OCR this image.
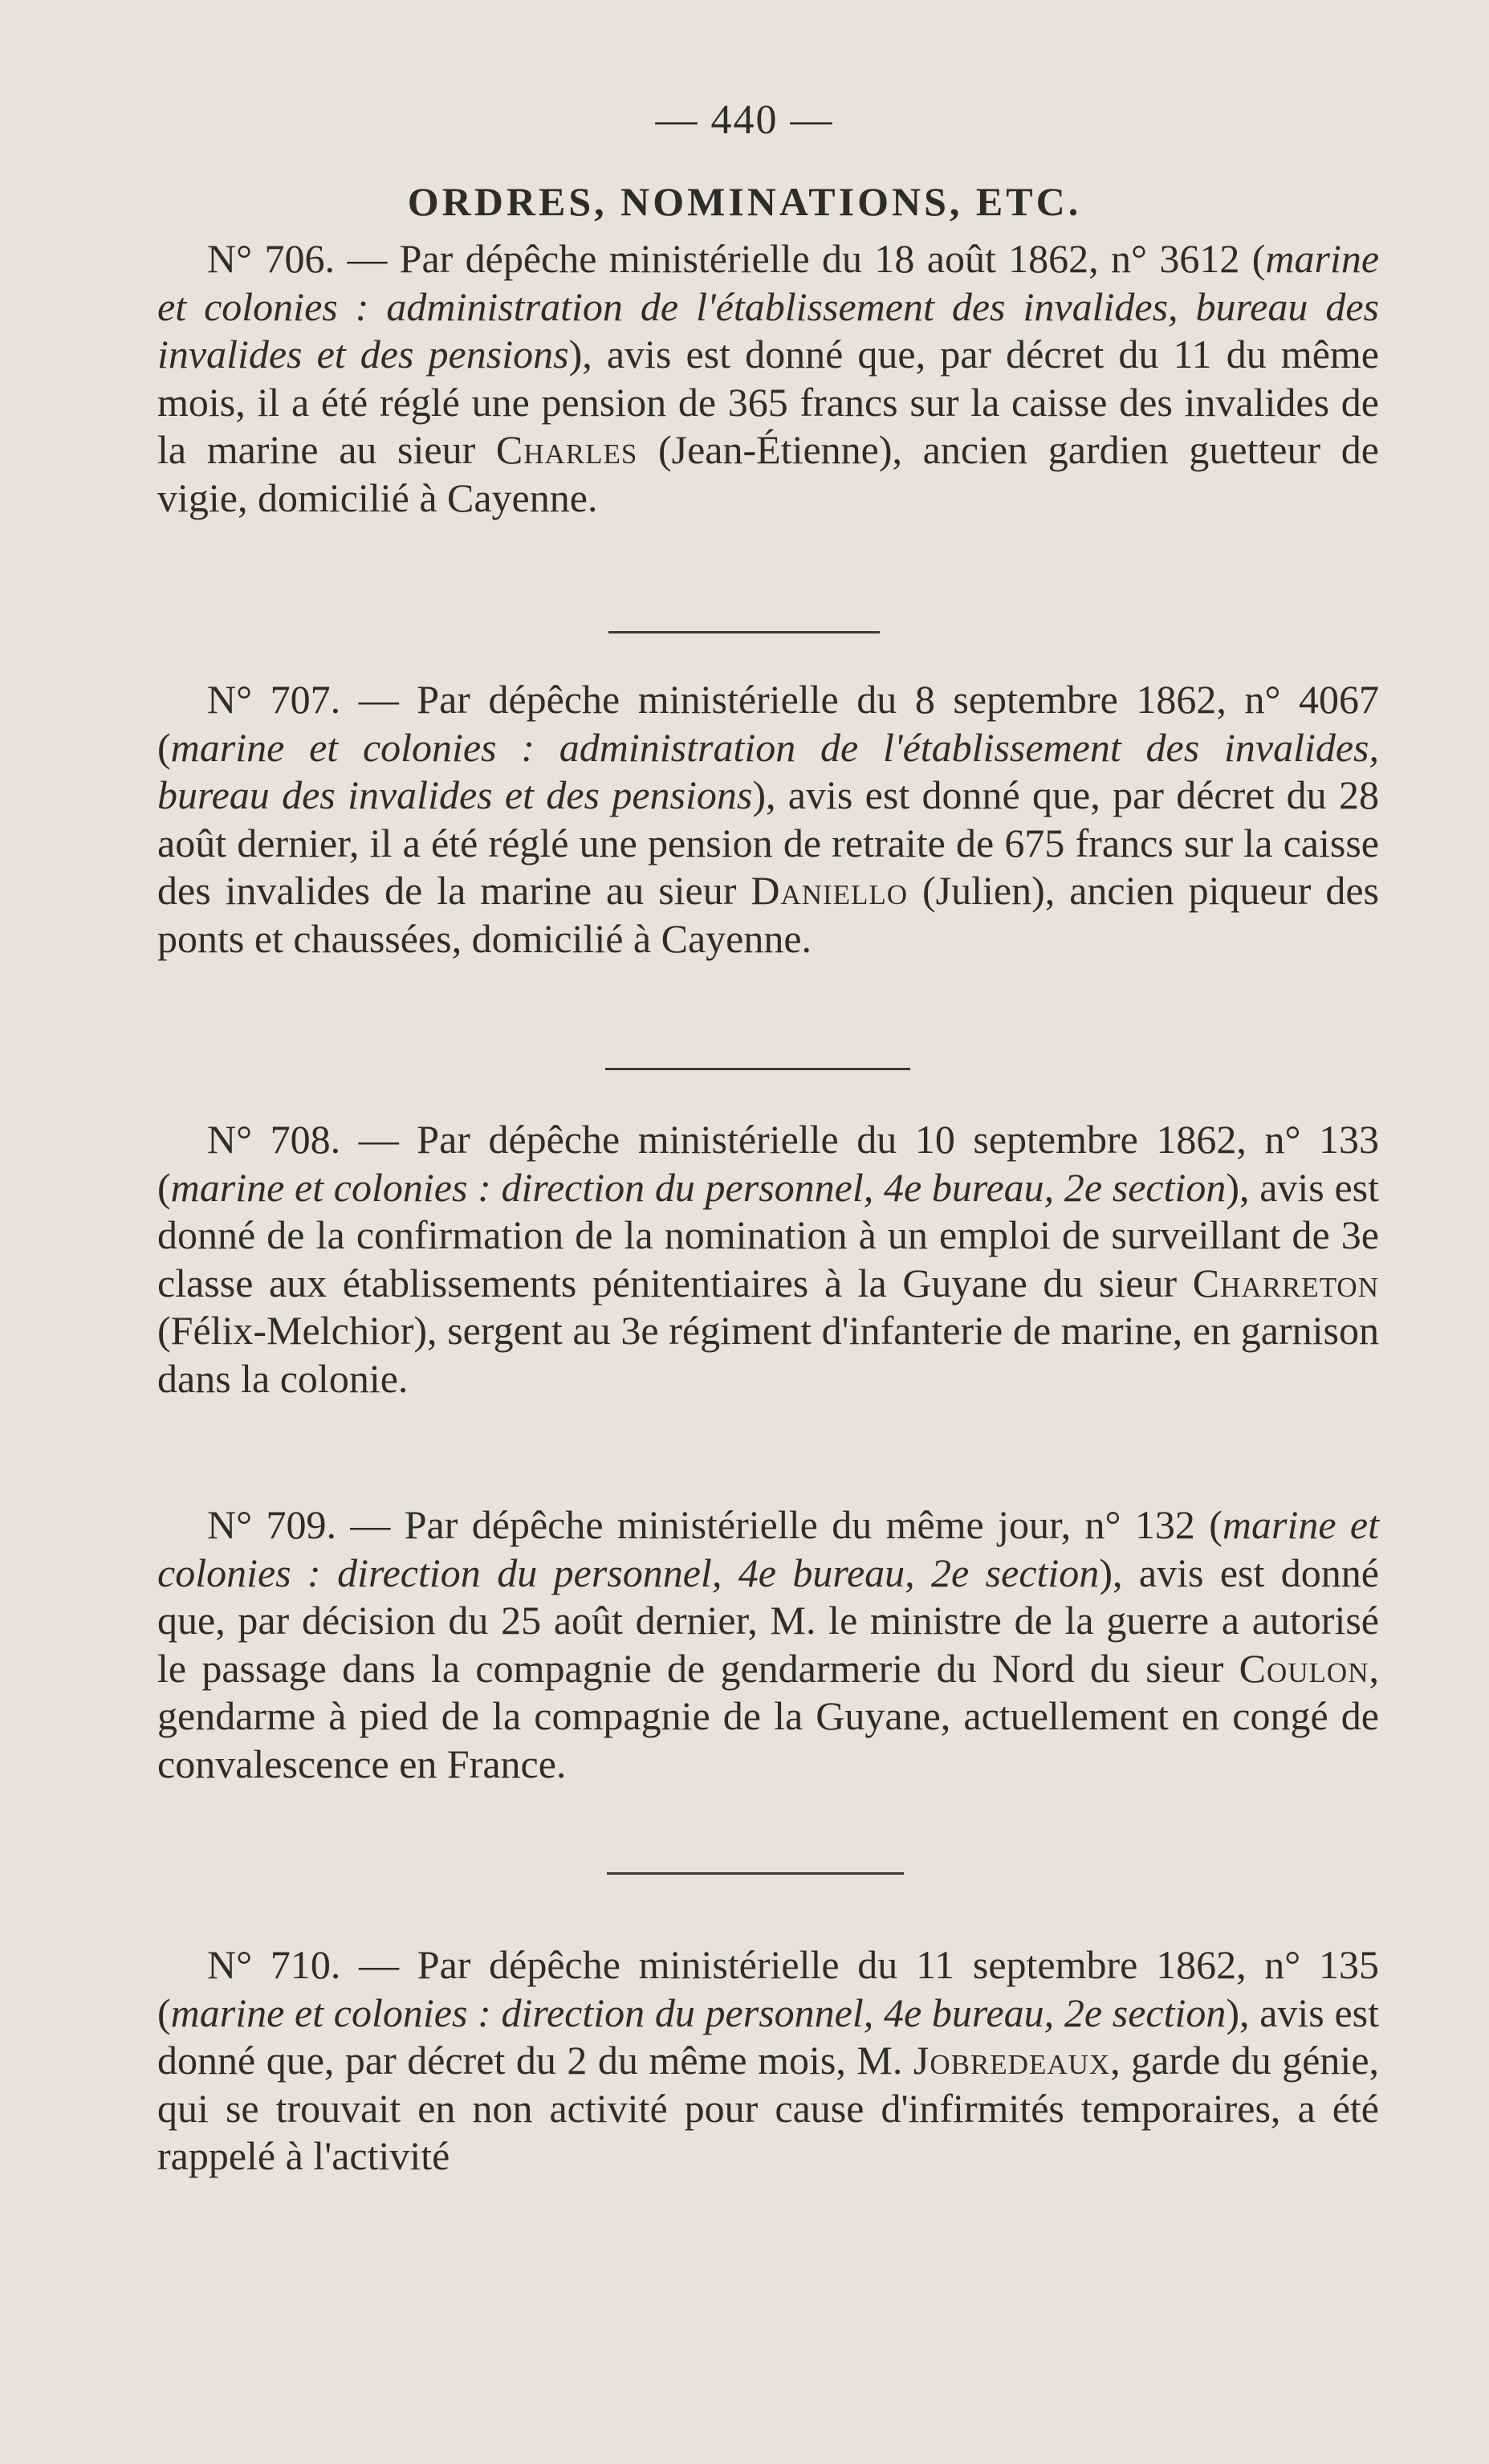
— 440 —
ORDRES, NOMINATIONS, ETC.

N° 706. — Par dépêche ministérielle du 18 août 1862, n° 3612 (marine et colonies : administration de l'établissement des invalides, bureau des invalides et des pensions), avis est donné que, par décret du 11 du même mois, il a été réglé une pension de 365 francs sur la caisse des invalides de la marine au sieur Charles (Jean-Étienne), ancien gardien guetteur de vigie, domicilié à Cayenne.

N° 707. — Par dépêche ministérielle du 8 septembre 1862, n° 4067 (marine et colonies : administration de l'établissement des invalides, bureau des invalides et des pensions), avis est donné que, par décret du 28 août dernier, il a été réglé une pension de retraite de 675 francs sur la caisse des invalides de la marine au sieur Daniello (Julien), ancien piqueur des ponts et chaussées, domicilié à Cayenne.

N° 708. — Par dépêche ministérielle du 10 septembre 1862, n° 133 (marine et colonies : direction du personnel, 4e bureau, 2e section), avis est donné de la confirmation de la nomination à un emploi de surveillant de 3e classe aux établissements pénitentiaires à la Guyane du sieur Charreton (Félix-Melchior), sergent au 3e régiment d'infanterie de marine, en garnison dans la colonie.

N° 709. — Par dépêche ministérielle du même jour, n° 132 (marine et colonies : direction du personnel, 4e bureau, 2e section), avis est donné que, par décision du 25 août dernier, M. le ministre de la guerre a autorisé le passage dans la compagnie de gendarmerie du Nord du sieur Coulon, gendarme à pied de la compagnie de la Guyane, actuellement en congé de convalescence en France.

N° 710. — Par dépêche ministérielle du 11 septembre 1862, n° 135 (marine et colonies : direction du personnel, 4e bureau, 2e section), avis est donné que, par décret du 2 du même mois, M. Jobredeaux, garde du génie, qui se trouvait en non activité pour cause d'infirmités temporaires, a été rappelé à l'activité
